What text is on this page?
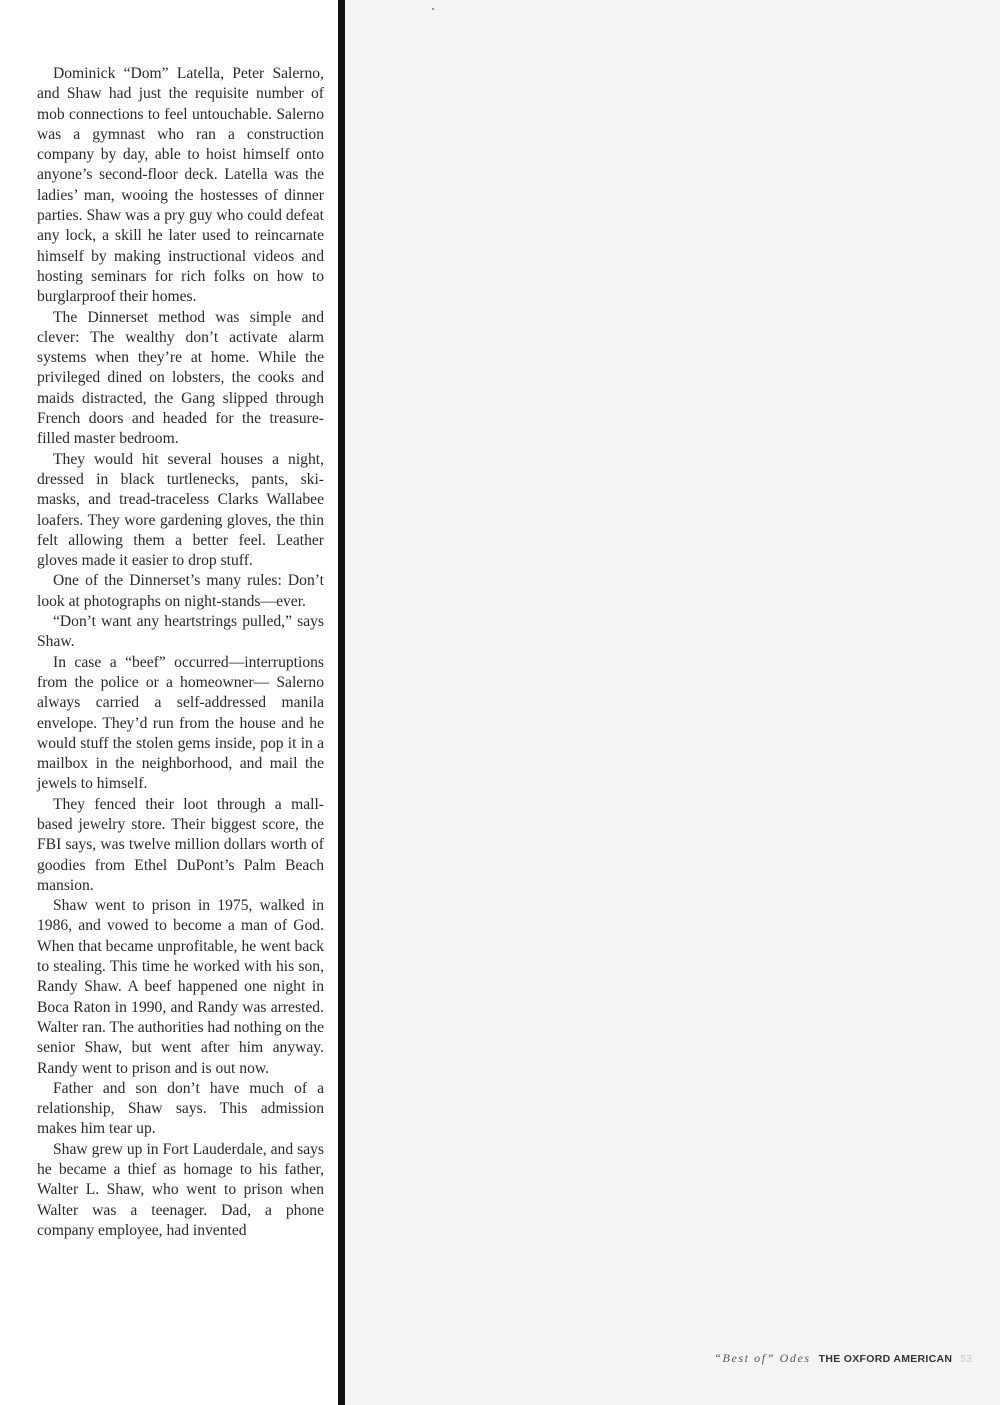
Dominick “Dom” Latella, Peter Salerno, and Shaw had just the requisite number of mob connections to feel untouchable. Salerno was a gymnast who ran a construction company by day, able to hoist himself onto anyone’s second-floor deck. Latella was the ladies’ man, wooing the hostesses of dinner parties. Shaw was a pry guy who could defeat any lock, a skill he later used to reincarnate himself by making instructional videos and hosting seminars for rich folks on how to burglarproof their homes.

The Dinnerset method was simple and clever: The wealthy don’t activate alarm systems when they’re at home. While the privileged dined on lobsters, the cooks and maids distracted, the Gang slipped through French doors and headed for the treasure-filled master bedroom.

They would hit several houses a night, dressed in black turtlenecks, pants, ski-masks, and tread-traceless Clarks Wallabee loafers. They wore gardening gloves, the thin felt allowing them a better feel. Leather gloves made it easier to drop stuff.

One of the Dinnerset’s many rules: Don’t look at photographs on night-stands—ever.

“Don’t want any heartstrings pulled,” says Shaw.

In case a “beef” occurred—interruptions from the police or a homeowner— Salerno always carried a self-addressed manila envelope. They’d run from the house and he would stuff the stolen gems inside, pop it in a mailbox in the neighborhood, and mail the jewels to himself.

They fenced their loot through a mall-based jewelry store. Their biggest score, the FBI says, was twelve million dollars worth of goodies from Ethel DuPont’s Palm Beach mansion.

Shaw went to prison in 1975, walked in 1986, and vowed to become a man of God. When that became unprofitable, he went back to stealing. This time he worked with his son, Randy Shaw. A beef happened one night in Boca Raton in 1990, and Randy was arrested. Walter ran. The authorities had nothing on the senior Shaw, but went after him anyway. Randy went to prison and is out now.

Father and son don’t have much of a relationship, Shaw says. This admission makes him tear up.

Shaw grew up in Fort Lauderdale, and says he became a thief as homage to his father, Walter L. Shaw, who went to prison when Walter was a teenager. Dad, a phone company employee, had invented

“Best of” Odes THE OXFORD AMERICAN 53
